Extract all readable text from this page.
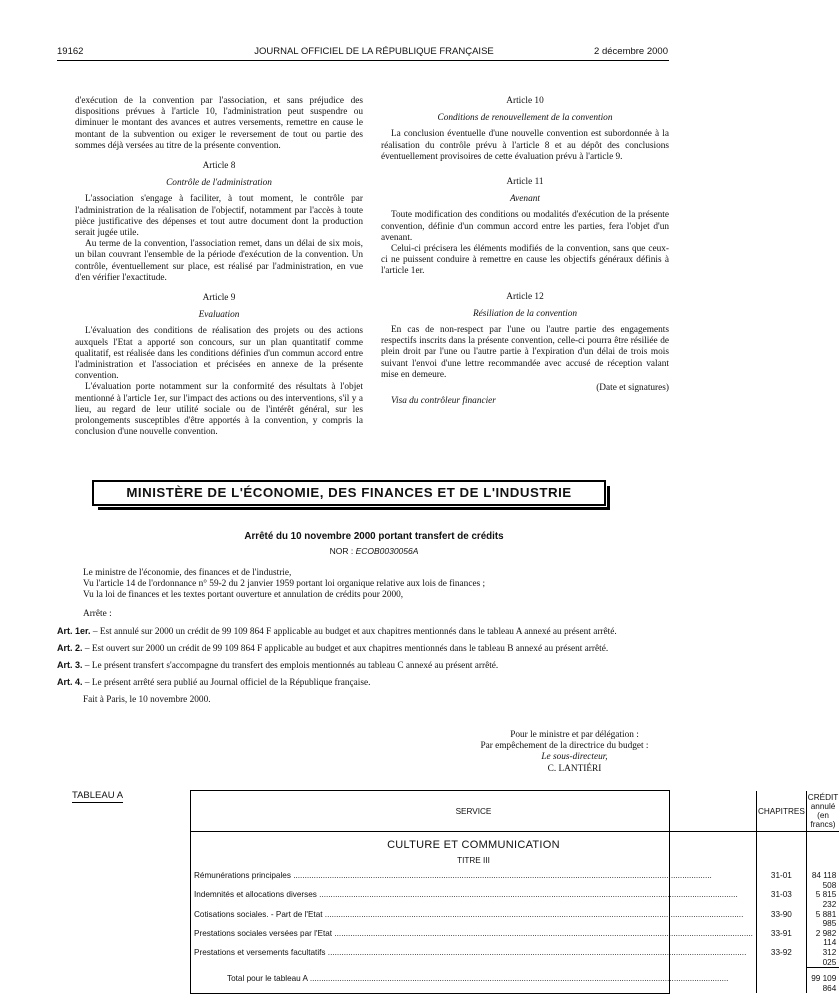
19162	JOURNAL OFFICIEL DE LA RÉPUBLIQUE FRANÇAISE	2 décembre 2000

d'exécution de la convention par l'association, et sans préjudice des dispositions prévues à l'article 10, l'administration peut suspendre ou diminuer le montant des avances et autres versements, remettre en cause le montant de la subvention ou exiger le reversement de tout ou partie des sommes déjà versées au titre de la présente convention.

Article 8
Contrôle de l'administration

L'association s'engage à faciliter, à tout moment, le contrôle par l'administration de la réalisation de l'objectif, notamment par l'accès à toute pièce justificative des dépenses et tout autre document dont la production serait jugée utile.

Au terme de la convention, l'association remet, dans un délai de six mois, un bilan couvrant l'ensemble de la période d'exécution de la convention. Un contrôle, éventuellement sur place, est réalisé par l'administration, en vue d'en vérifier l'exactitude.

Article 9
Evaluation

L'évaluation des conditions de réalisation des projets ou des actions auxquels l'Etat a apporté son concours, sur un plan quantitatif comme qualitatif, est réalisée dans les conditions définies d'un commun accord entre l'administration et l'association et précisées en annexe de la présente convention.

L'évaluation porte notamment sur la conformité des résultats à l'objet mentionné à l'article 1er, sur l'impact des actions ou des interventions, s'il y a lieu, au regard de leur utilité sociale ou de l'intérêt général, sur les prolongements susceptibles d'être apportés à la convention, y compris la conclusion d'une nouvelle convention.

Article 10
Conditions de renouvellement de la convention

La conclusion éventuelle d'une nouvelle convention est subordonnée à la réalisation du contrôle prévu à l'article 8 et au dépôt des conclusions éventuellement provisoires de cette évaluation prévu à l'article 9.

Article 11
Avenant

Toute modification des conditions ou modalités d'exécution de la présente convention, définie d'un commun accord entre les parties, fera l'objet d'un avenant.

Celui-ci précisera les éléments modifiés de la convention, sans que ceux-ci ne puissent conduire à remettre en cause les objectifs généraux définis à l'article 1er.

Article 12
Résiliation de la convention

En cas de non-respect par l'une ou l'autre partie des engagements respectifs inscrits dans la présente convention, celle-ci pourra être résiliée de plein droit par l'une ou l'autre partie à l'expiration d'un délai de trois mois suivant l'envoi d'une lettre recommandée avec accusé de réception valant mise en demeure.

(Date et signatures)
Visa du contrôleur financier
MINISTÈRE DE L'ÉCONOMIE, DES FINANCES ET DE L'INDUSTRIE
Arrêté du 10 novembre 2000 portant transfert de crédits
NOR : ECOB0030056A

Le ministre de l'économie, des finances et de l'industrie,

Vu l'article 14 de l'ordonnance n° 59-2 du 2 janvier 1959 portant loi organique relative aux lois de finances ;

Vu la loi de finances et les textes portant ouverture et annulation de crédits pour 2000,

Arrête :

Art. 1er. – Est annulé sur 2000 un crédit de 99 109 864 F applicable au budget et aux chapitres mentionnés dans le tableau A annexé au présent arrêté.

Art. 2. – Est ouvert sur 2000 un crédit de 99 109 864 F applicable au budget et aux chapitres mentionnés dans le tableau B annexé au présent arrêté.

Art. 3. – Le présent transfert s'accompagne du transfert des emplois mentionnés au tableau C annexé au présent arrêté.

Art. 4. – Le présent arrêté sera publié au Journal officiel de la République française.

Fait à Paris, le 10 novembre 2000.

Pour le ministre et par délégation :
Par empêchement de la directrice du budget :
Le sous-directeur,
C. LANTIÉRI
TABLEAU A
SERVICE	CHAPITRES	CRÉDIT
annulé
(en francs)

CULTURE ET COMMUNICATION
TITRE III		

Rémunérations principales .....	31-01	84 118 508

Indemnités et allocations diverses .....	31-03	5 815 232

Cotisations sociales. - Part de l'Etat .....	33-90	5 881 985

Prestations sociales versées par l'Etat .....	33-91	2 982 114

Prestations et versements facultatifs .....	33-92	312 025

Total pour le tableau A .....		99 109 864
